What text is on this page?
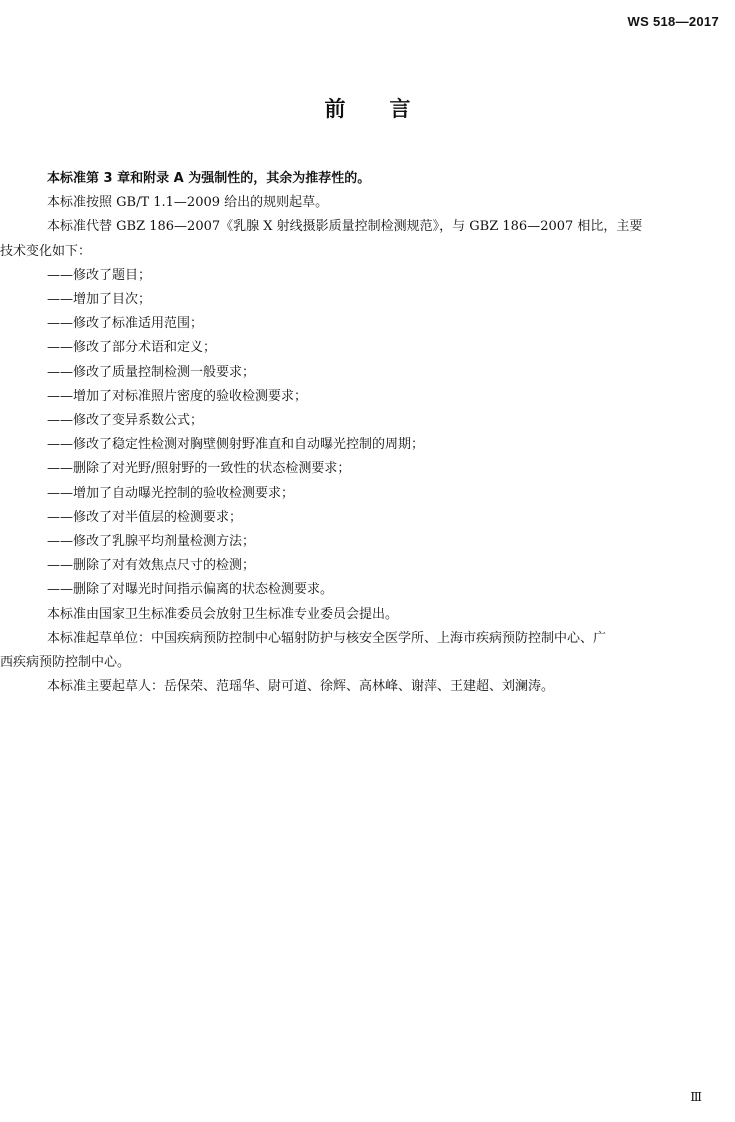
WS 518—2017

前言

本标准第 3 章和附录 A 为强制性的，其余为推荐性的。

本标准按照 GB/T 1.1—2009 给出的规则起草。

本标准代替 GBZ 186—2007《乳腺 X 射线摄影质量控制检测规范》，与 GBZ 186—2007 相比，主要
技术变化如下：

——修改了题目；

——增加了目次；

——修改了标准适用范围；

——修改了部分术语和定义；

——修改了质量控制检测一般要求；

——增加了对标准照片密度的验收检测要求；

——修改了变异系数公式；

——修改了稳定性检测对胸壁侧射野准直和自动曝光控制的周期；

——删除了对光野/照射野的一致性的状态检测要求；

——增加了自动曝光控制的验收检测要求；

——修改了对半值层的检测要求；

——修改了乳腺平均剂量检测方法；

——删除了对有效焦点尺寸的检测；

——删除了对曝光时间指示偏离的状态检测要求。

本标准由国家卫生标准委员会放射卫生标准专业委员会提出。

本标准起草单位：中国疾病预防控制中心辐射防护与核安全医学所、上海市疾病预防控制中心、广
西疾病预防控制中心。

本标准主要起草人：岳保荣、范瑶华、尉可道、徐辉、高林峰、谢萍、王建超、刘澜涛。

Ⅲ
